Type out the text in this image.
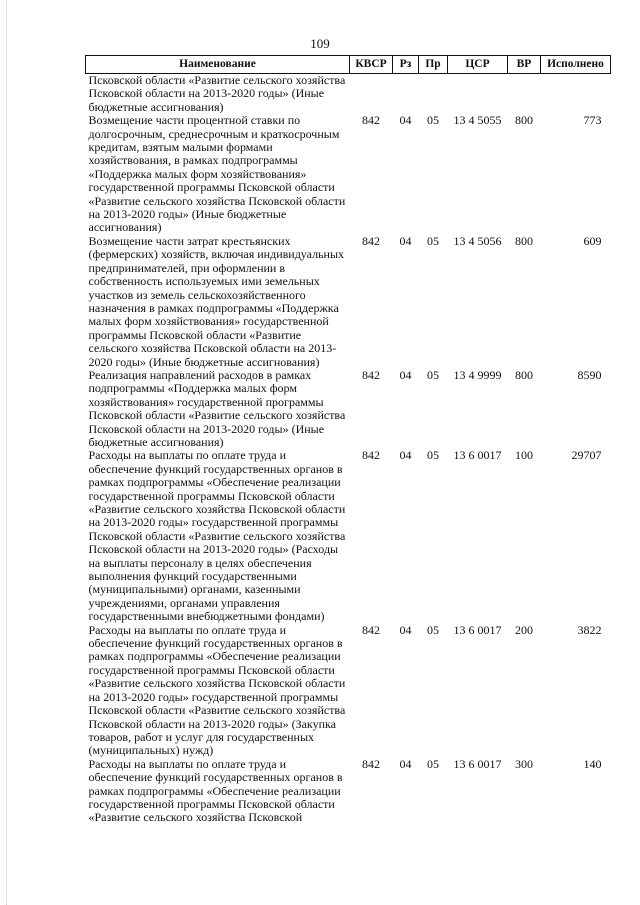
109
Наименование	КВСР	Рз	Пр	ЦСР	ВР	Исполнено
Псковской области «Развитие сельского хозяйства Псковской области на 2013-2020 годы» (Иные бюджетные ассигнования)						
Возмещение части процентной ставки по долгосрочным, среднесрочным и краткосрочным кредитам, взятым малыми формами хозяйствования, в рамках подпрограммы «Поддержка малых форм хозяйствования» государственной программы Псковской области «Развитие сельского хозяйства Псковской области на 2013-2020 годы» (Иные бюджетные ассигнования)	842	04	05	13 4 5055	800	773
Возмещение части затрат крестьянских (фермерских) хозяйств, включая индивидуальных предпринимателей, при оформлении в собственность используемых ими земельных участков из земель сельскохозяйственного назначения в рамках подпрограммы «Поддержка малых форм хозяйствования» государственной программы Псковской области «Развитие сельского хозяйства Псковской области на 2013-2020 годы» (Иные бюджетные ассигнования)	842	04	05	13 4 5056	800	609
Реализация направлений расходов в рамках подпрограммы «Поддержка малых форм хозяйствования» государственной программы Псковской области «Развитие сельского хозяйства Псковской области на 2013-2020 годы» (Иные бюджетные ассигнования)	842	04	05	13 4 9999	800	8590
Расходы на выплаты по оплате труда и обеспечение функций государственных органов в рамках подпрограммы «Обеспечение реализации государственной программы Псковской области «Развитие сельского хозяйства Псковской области на 2013-2020 годы» государственной программы Псковской области «Развитие сельского хозяйства Псковской области на 2013-2020 годы» (Расходы на выплаты персоналу в целях обеспечения выполнения функций государственными (муниципальными) органами, казенными учреждениями, органами управления государственными внебюджетными фондами)	842	04	05	13 6 0017	100	29707
Расходы на выплаты по оплате труда и обеспечение функций государственных органов в рамках подпрограммы «Обеспечение реализации государственной программы Псковской области «Развитие сельского хозяйства Псковской области на 2013-2020 годы» государственной программы Псковской области «Развитие сельского хозяйства Псковской области на 2013-2020 годы» (Закупка товаров, работ и услуг для государственных (муниципальных) нужд)	842	04	05	13 6 0017	200	3822
Расходы на выплаты по оплате труда и обеспечение функций государственных органов в рамках подпрограммы «Обеспечение реализации государственной программы Псковской области «Развитие сельского хозяйства Псковской	842	04	05	13 6 0017	300	140
